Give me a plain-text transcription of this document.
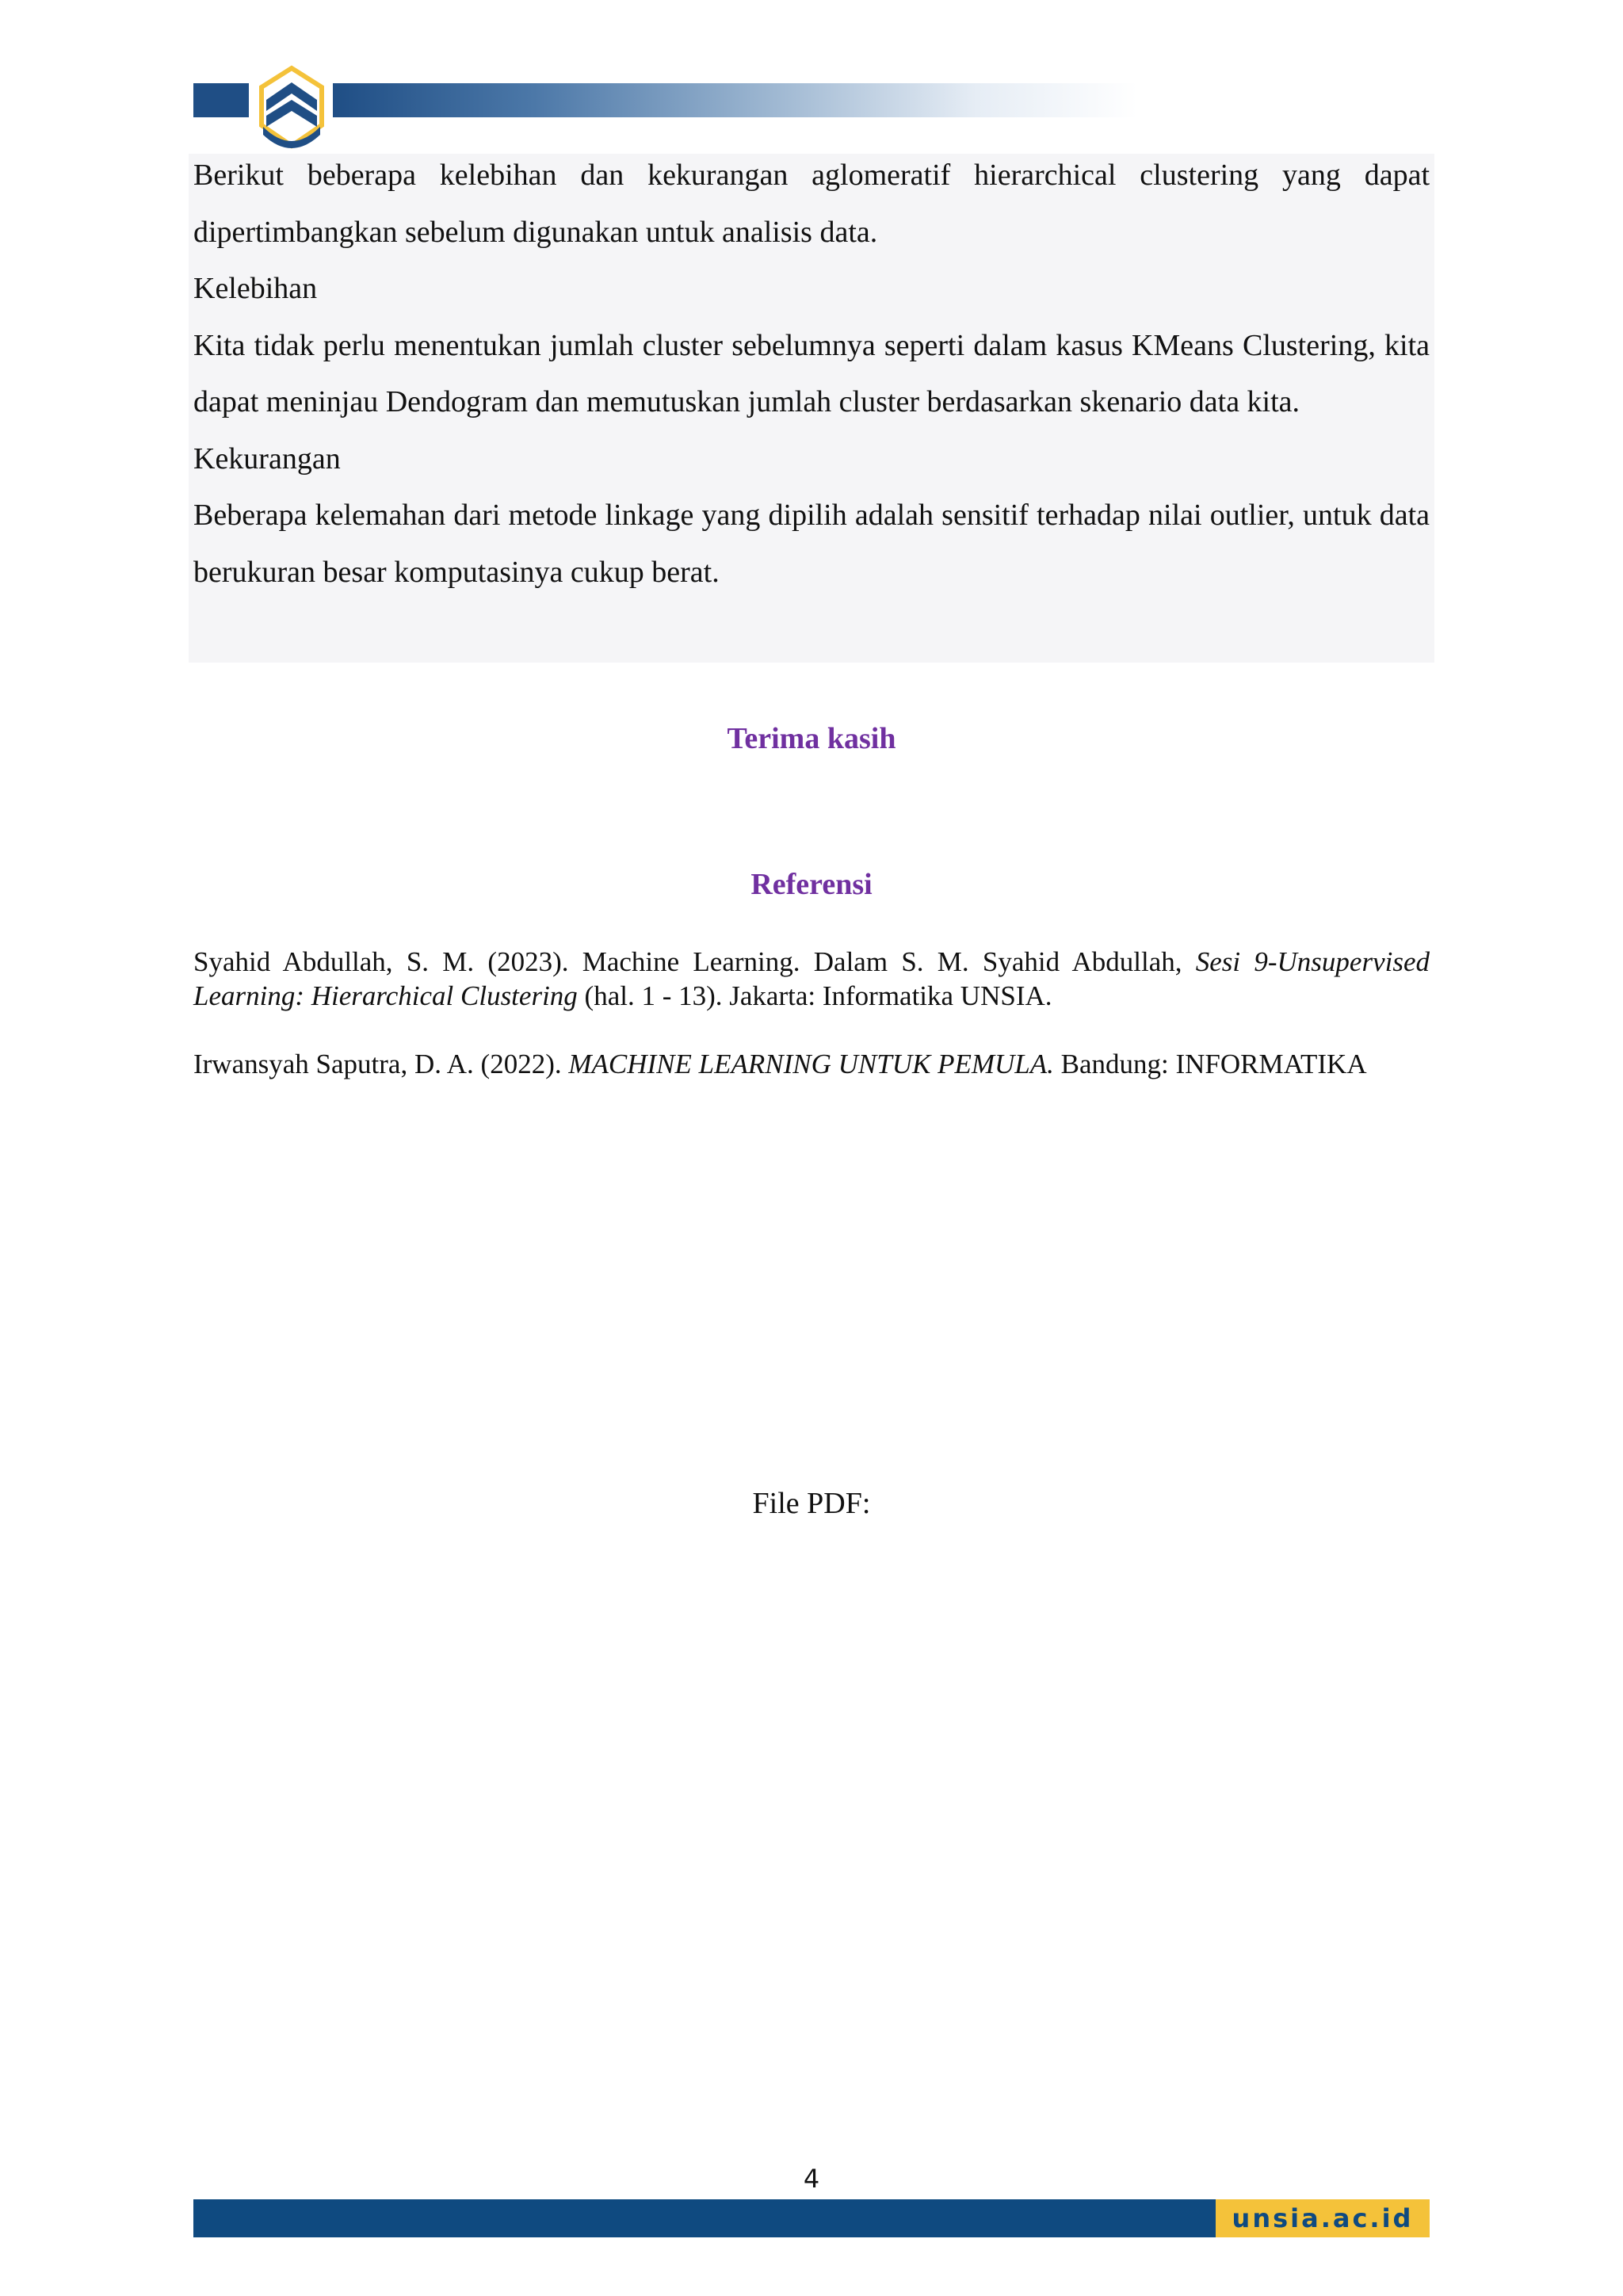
Berikut beberapa kelebihan dan kekurangan aglomeratif hierarchical clustering yang dapat dipertimbangkan sebelum digunakan untuk analisis data.

Kelebihan

Kita tidak perlu menentukan jumlah cluster sebelumnya seperti dalam kasus KMeans Clustering, kita dapat meninjau Dendogram dan memutuskan jumlah cluster berdasarkan skenario data kita.

Kekurangan

Beberapa kelemahan dari metode linkage yang dipilih adalah sensitif terhadap nilai outlier, untuk data berukuran besar komputasinya cukup berat.

Terima kasih
Referensi

Syahid Abdullah, S. M. (2023). Machine Learning. Dalam S. M. Syahid Abdullah, Sesi 9-Unsupervised Learning: Hierarchical Clustering (hal. 1 - 13). Jakarta: Informatika UNSIA.

Irwansyah Saputra, D. A. (2022). MACHINE LEARNING UNTUK PEMULA. Bandung: INFORMATIKA

File PDF:
4
unsia.ac.id
